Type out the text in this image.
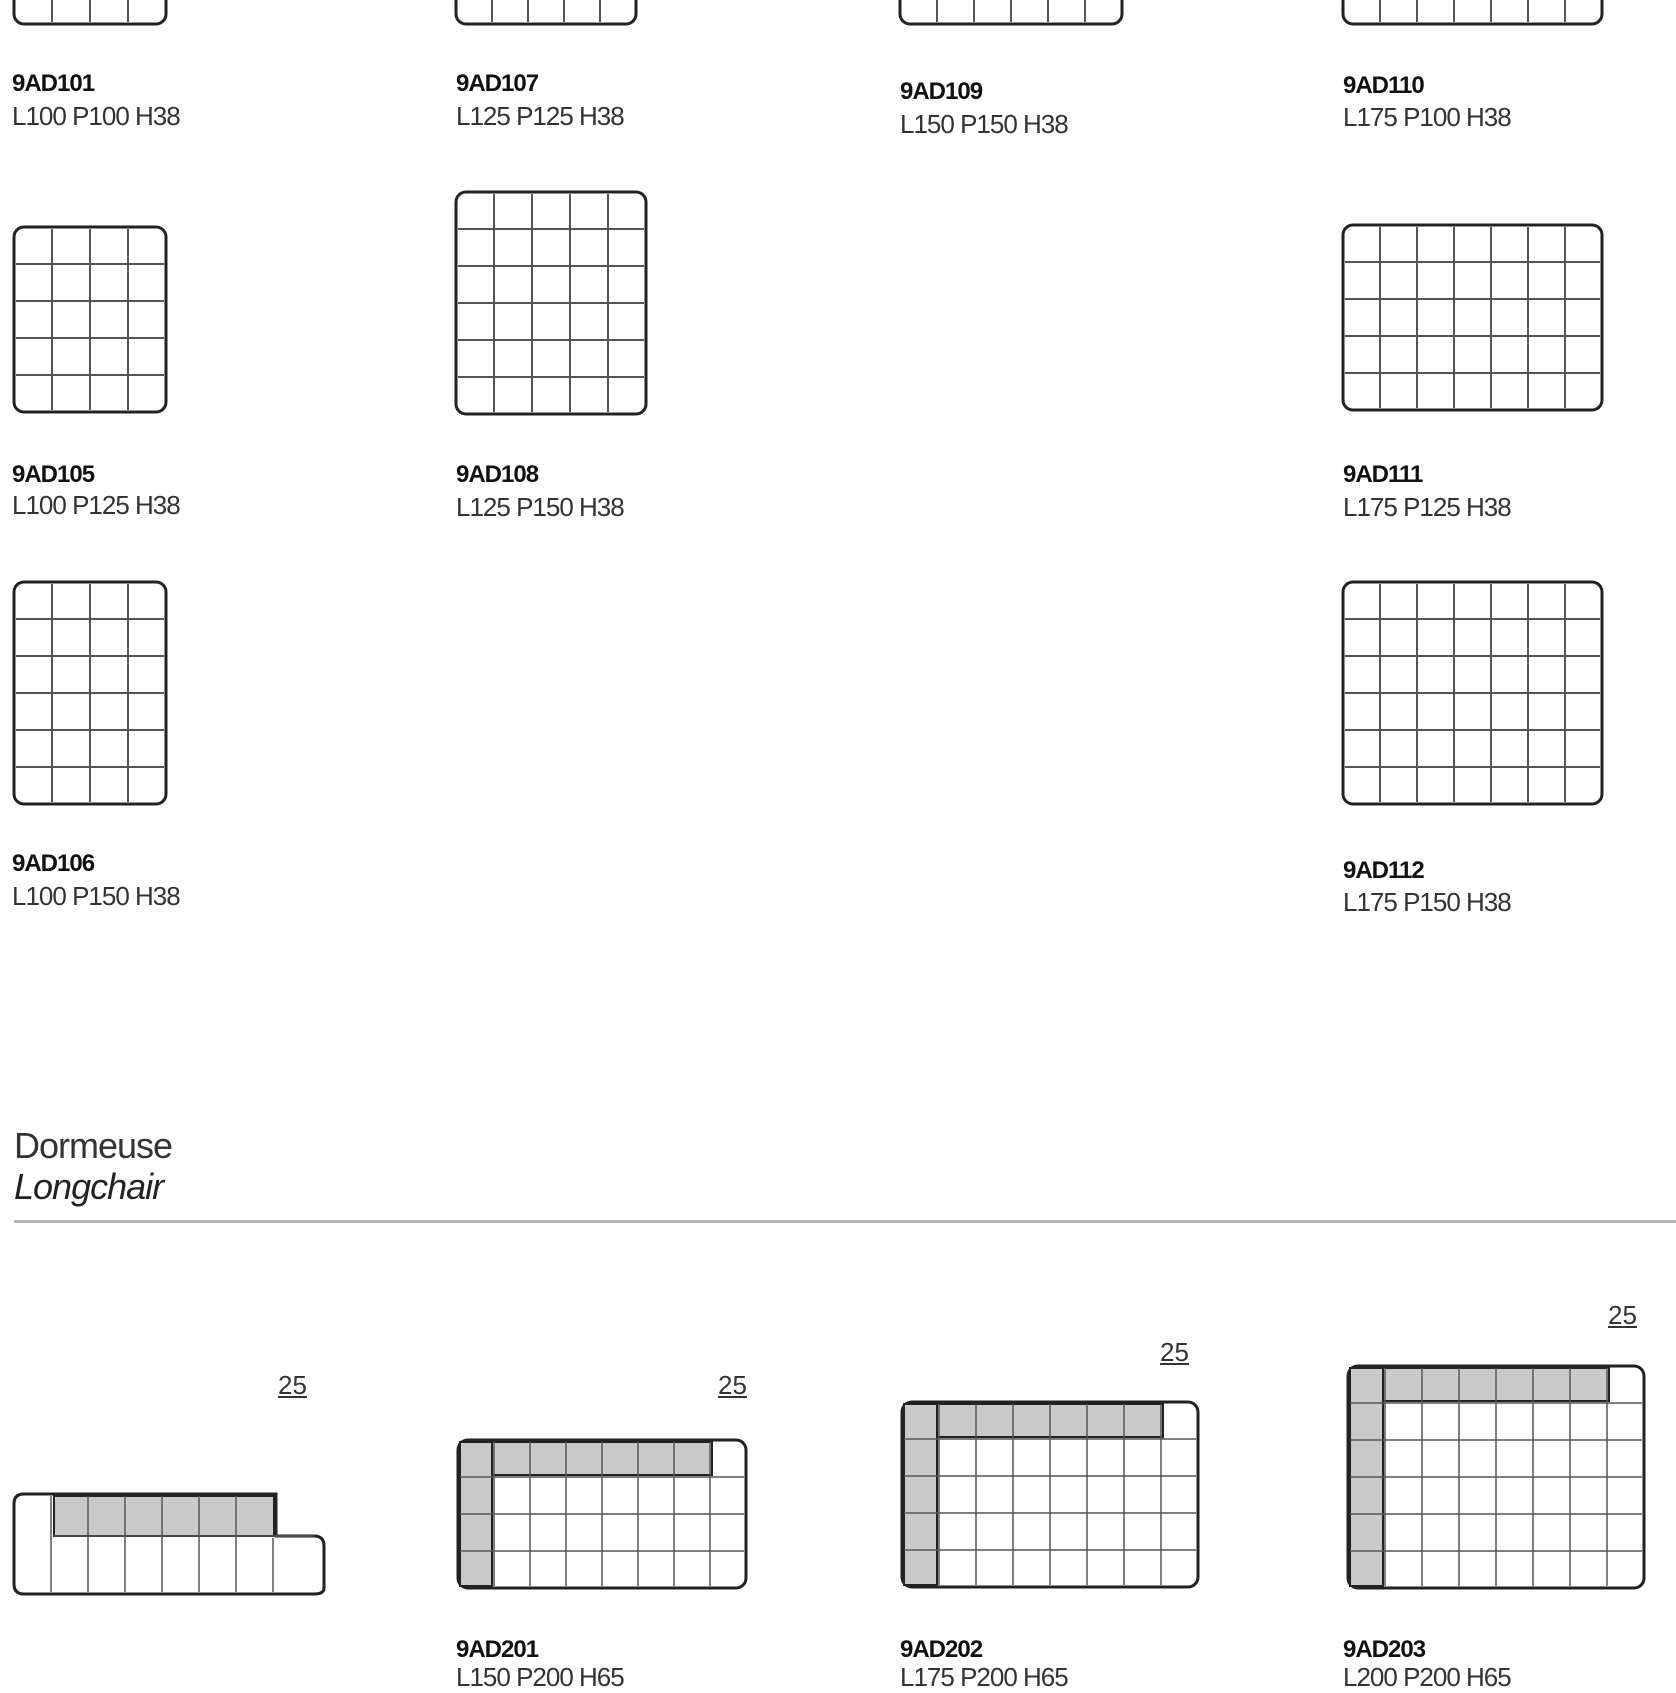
9AD101
L100 P100 H38
9AD107
L125 P125 H38
9AD109
L150 P150 H38
9AD110
L175 P100 H38
9AD105
L100 P125 H38
9AD108
L125 P150 H38
9AD111
L175 P125 H38
9AD106
L100 P150 H38
9AD112
L175 P150 H38
Dormeuse
Longchair
25	25
25
25
9AD201
L150 P200 H65
9AD202
L175 P200 H65
9AD203
L200 P200 H65
